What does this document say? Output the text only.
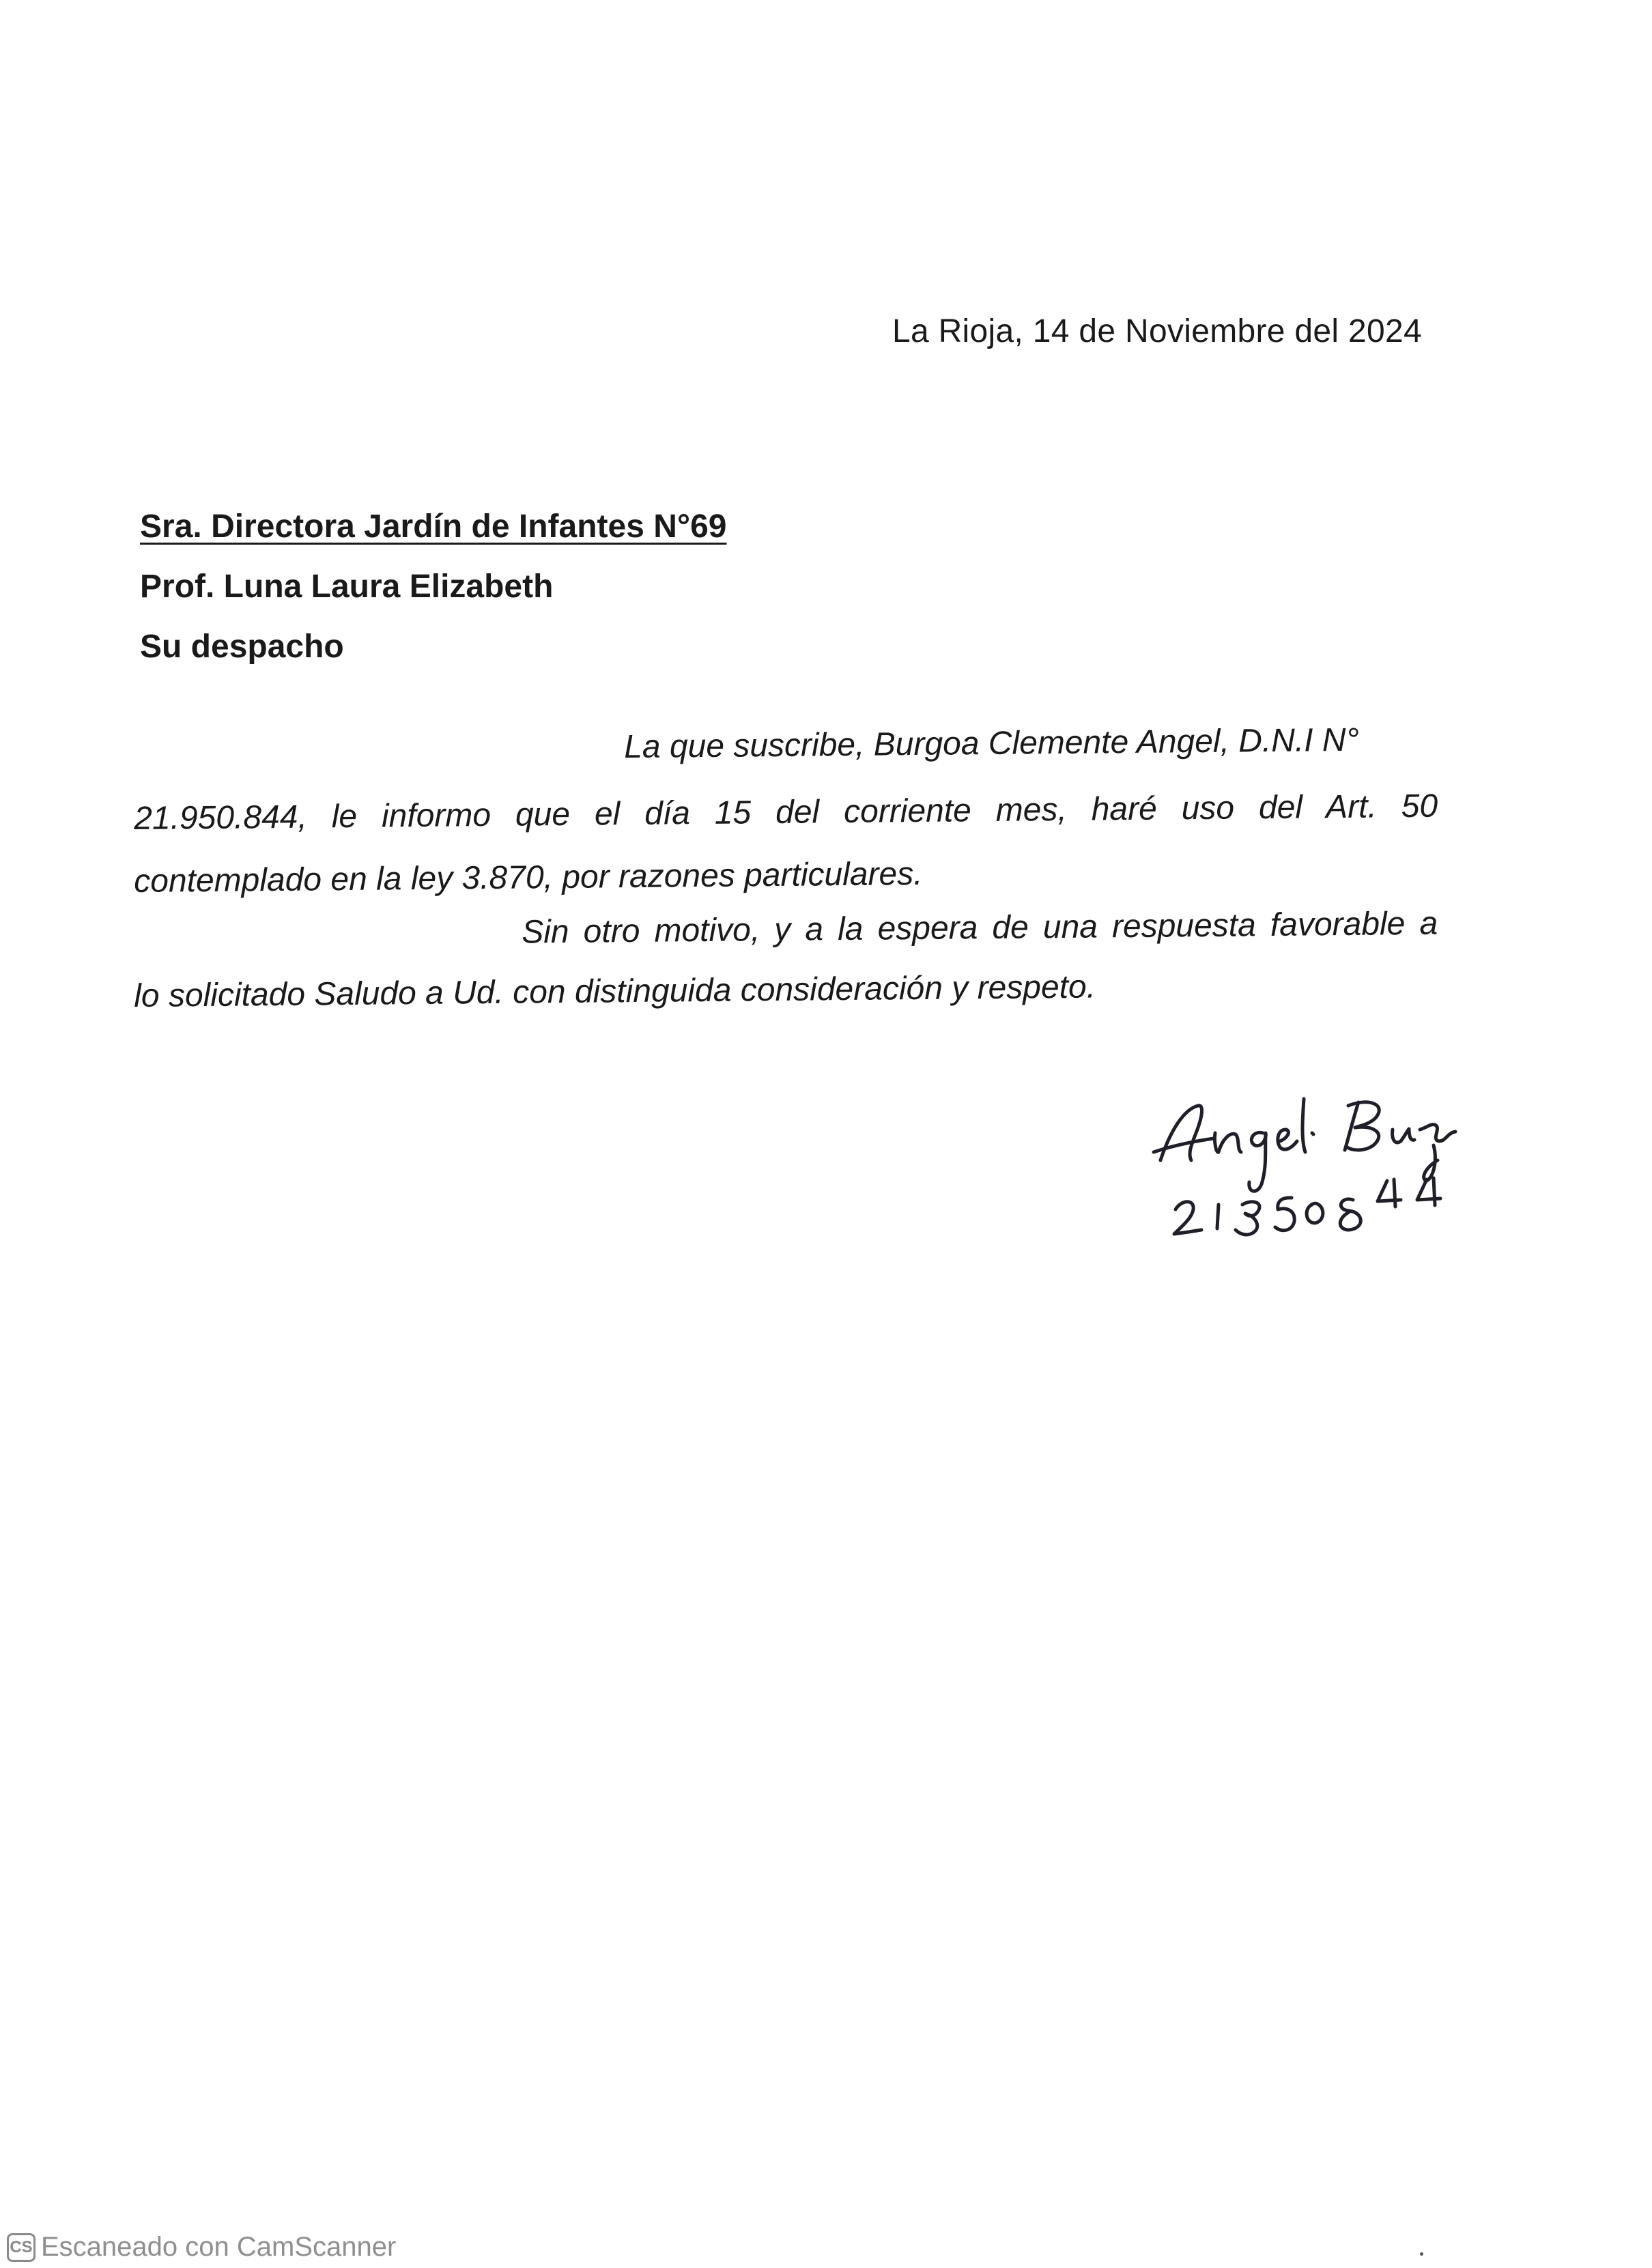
La Rioja, 14 de Noviembre del 2024
Sra. Directora Jardín de Infantes N°69
Prof. Luna Laura Elizabeth
Su despacho
La que suscribe, Burgoa Clemente Angel, D.N.I N°
21.950.844, le informo que el día 15 del corriente mes, haré uso del Art. 50
contemplado en la ley 3.870, por razones particulares.
Sin otro motivo, y a la espera de una respuesta favorable a
lo solicitado Saludo a Ud. con distinguida consideración y respeto.
CS Escaneado con CamScanner
